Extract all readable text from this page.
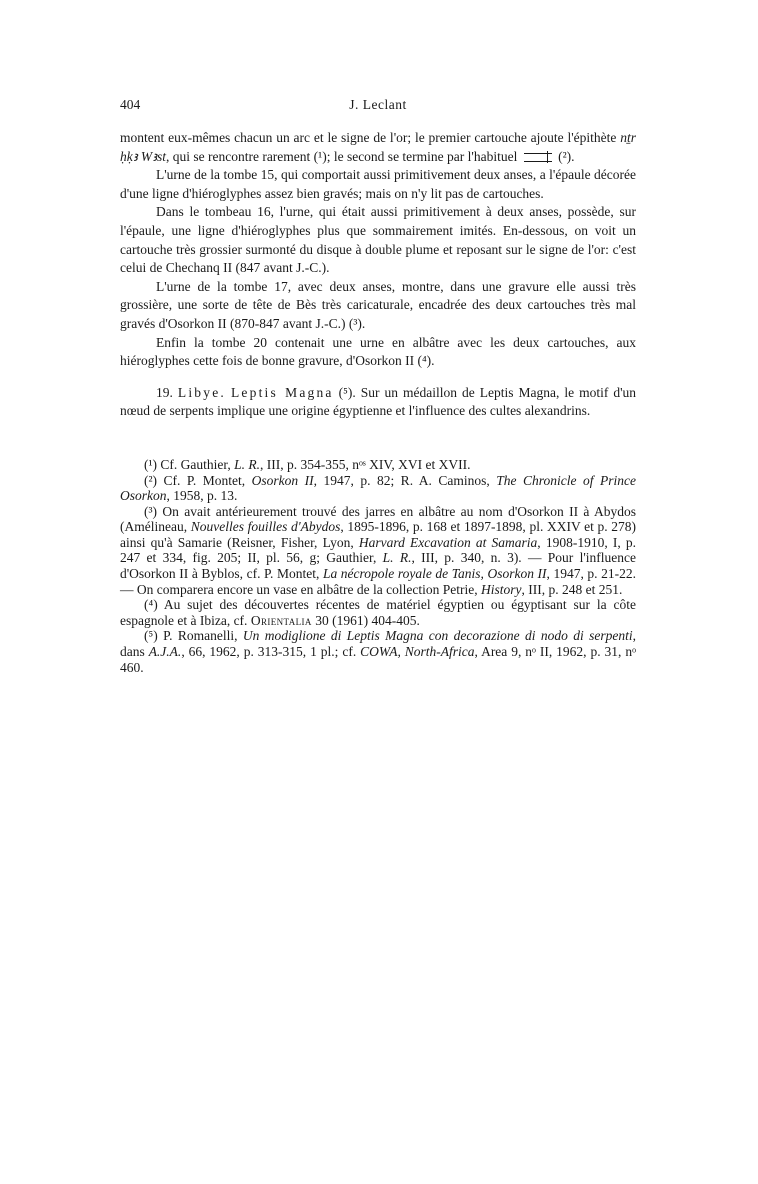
404	J. Leclant

montent eux-mêmes chacun un arc et le signe de l'or; le premier cartouche ajoute l'épithète nṯr ḥḳꜣ Wꜣst, qui se rencontre rarement (¹); le second se termine par l'habituel	(²).

L'urne de la tombe 15, qui comportait aussi primitivement deux anses, a l'épaule décorée d'une ligne d'hiéroglyphes assez bien gravés; mais on n'y lit pas de cartouches.

Dans le tombeau 16, l'urne, qui était aussi primitivement à deux anses, possède, sur l'épaule, une ligne d'hiéroglyphes plus que sommairement imités. En-dessous, on voit un cartouche très grossier surmonté du disque à double plume et reposant sur le signe de l'or: c'est celui de Chechanq II (847 avant J.-C.).

L'urne de la tombe 17, avec deux anses, montre, dans une gravure elle aussi très grossière, une sorte de tête de Bès très caricaturale, encadrée des deux cartouches très mal gravés d'Osorkon II (870-847 avant J.-C.) (³).

Enfin la tombe 20 contenait une urne en albâtre avec les deux cartouches, aux hiéroglyphes cette fois de bonne gravure, d'Osorkon II (⁴).

19. Libye. Leptis Magna (⁵). Sur un médaillon de Leptis Magna, le motif d'un nœud de serpents implique une origine égyptienne et l'influence des cultes alexandrins.

(¹) Cf. Gauthier, L. R., III, p. 354-355, nᵒˢ XIV, XVI et XVII.

(²) Cf. P. Montet, Osorkon II, 1947, p. 82; R. A. Caminos, The Chronicle of Prince Osorkon, 1958, p. 13.

(³) On avait antérieurement trouvé des jarres en albâtre au nom d'Osorkon II à Abydos (Amélineau, Nouvelles fouilles d'Abydos, 1895-1896, p. 168 et 1897-1898, pl. XXIV et p. 278) ainsi qu'à Samarie (Reisner, Fisher, Lyon, Harvard Excavation at Samaria, 1908-1910, I, p. 247 et 334, fig. 205; II, pl. 56, g; Gauthier, L. R., III, p. 340, n. 3). — Pour l'influence d'Osorkon II à Byblos, cf. P. Montet, La nécropole royale de Tanis, Osorkon II, 1947, p. 21-22. — On comparera encore un vase en albâtre de la collection Petrie, History, III, p. 248 et 251.

(⁴) Au sujet des découvertes récentes de matériel égyptien ou égyptisant sur la côte espagnole et à Ibiza, cf. Orientalia 30 (1961) 404-405.

(⁵) P. Romanelli, Un modiglione di Leptis Magna con decorazione di nodo di serpenti, dans A.J.A., 66, 1962, p. 313-315, 1 pl.; cf. COWA, North-Africa, Area 9, nᵒ II, 1962, p. 31, nᵒ 460.
